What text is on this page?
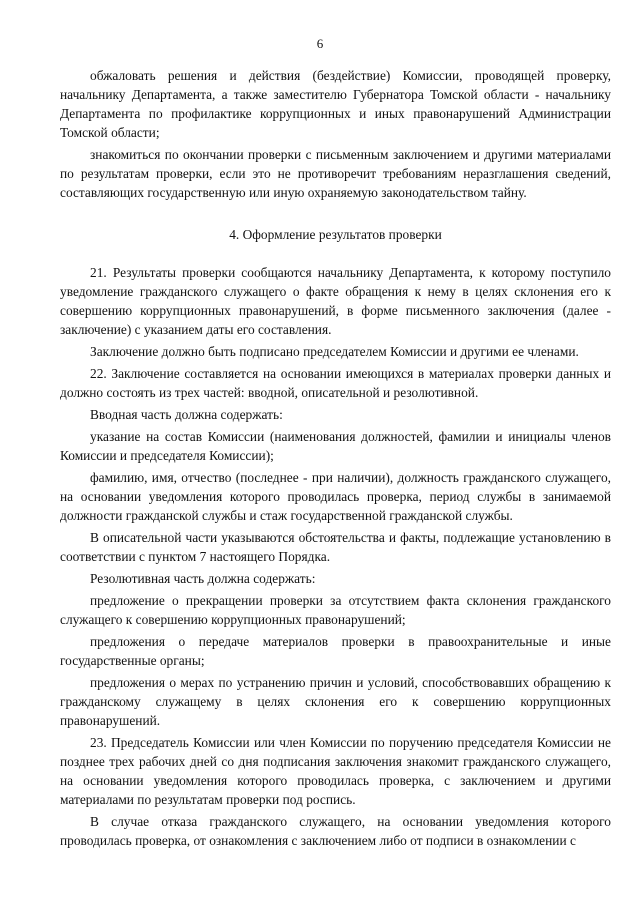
6

обжаловать решения и действия (бездействие) Комиссии, проводящей проверку, начальнику Департамента, а также заместителю Губернатора Томской области - начальнику Департамента по профилактике коррупционных и иных правонарушений Администрации Томской области;

знакомиться по окончании проверки с письменным заключением и другими материалами по результатам проверки, если это не противоречит требованиям неразглашения сведений, составляющих государственную или иную охраняемую законодательством тайну.

4. Оформление результатов проверки

21. Результаты проверки сообщаются начальнику Департамента, к которому поступило уведомление гражданского служащего о факте обращения к нему в целях склонения его к совершению коррупционных правонарушений, в форме письменного заключения (далее - заключение) с указанием даты его составления.

Заключение должно быть подписано председателем Комиссии и другими ее членами.

22. Заключение составляется на основании имеющихся в материалах проверки данных и должно состоять из трех частей: вводной, описательной и резолютивной.

Вводная часть должна содержать:

указание на состав Комиссии (наименования должностей, фамилии и инициалы членов Комиссии и председателя Комиссии);

фамилию, имя, отчество (последнее - при наличии), должность гражданского служащего, на основании уведомления которого проводилась проверка, период службы в занимаемой должности гражданской службы и стаж государственной гражданской службы.

В описательной части указываются обстоятельства и факты, подлежащие установлению в соответствии с пунктом 7 настоящего Порядка.

Резолютивная часть должна содержать:

предложение о прекращении проверки за отсутствием факта склонения гражданского служащего к совершению коррупционных правонарушений;

предложения о передаче материалов проверки в правоохранительные и иные государственные органы;

предложения о мерах по устранению причин и условий, способствовавших обращению к гражданскому служащему в целях склонения его к совершению коррупционных правонарушений.

23. Председатель Комиссии или член Комиссии по поручению председателя Комиссии не позднее трех рабочих дней со дня подписания заключения знакомит гражданского служащего, на основании уведомления которого проводилась проверка, с заключением и другими материалами по результатам проверки под роспись.

В случае отказа гражданского служащего, на основании уведомления которого проводилась проверка, от ознакомления с заключением либо от подписи в ознакомлении с
